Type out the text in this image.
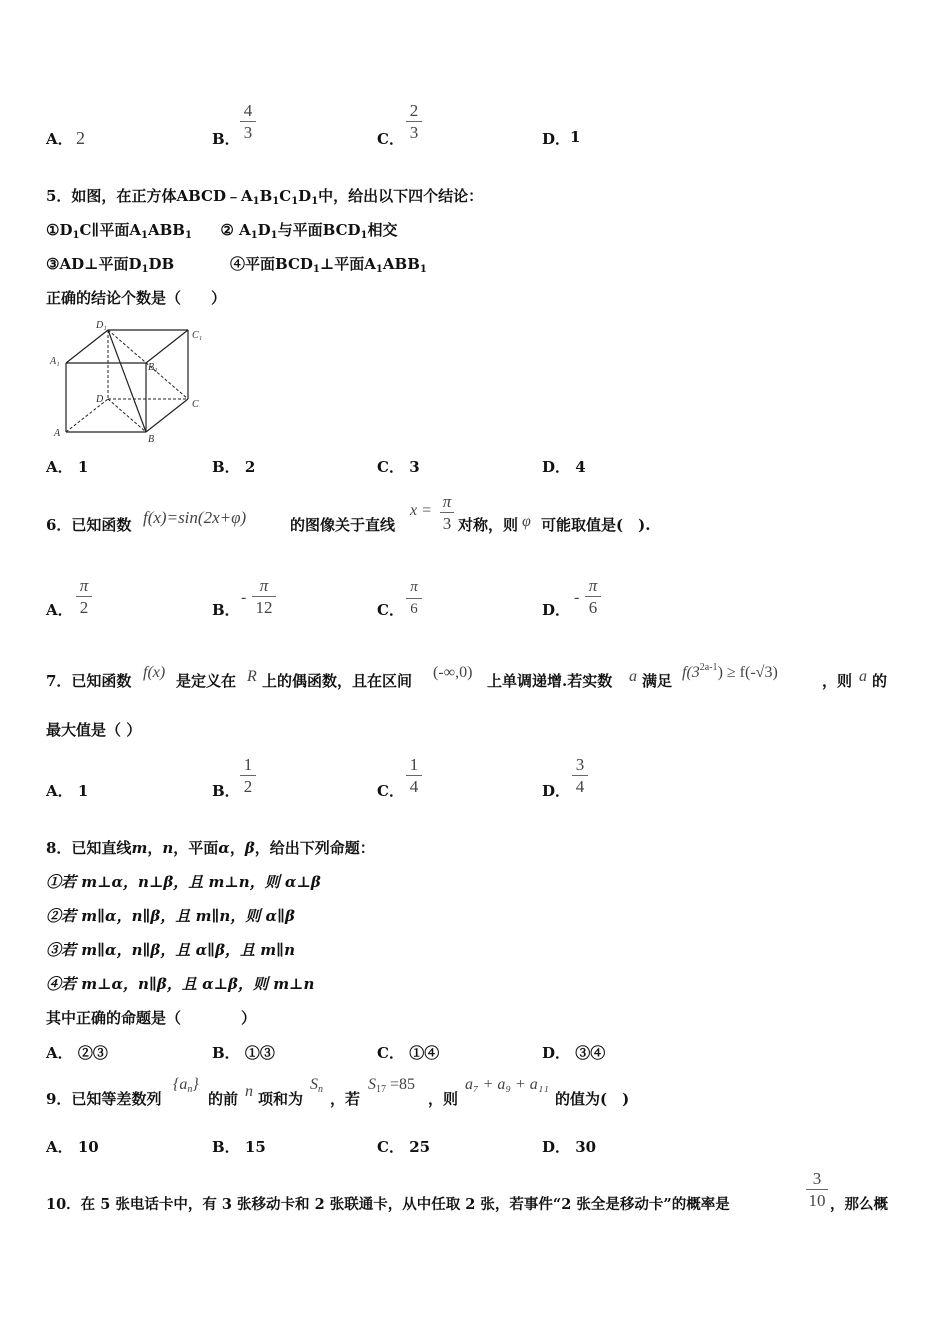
A． 2	B．
4
3	C．
2
3	D． 1
5．如图，在正方体$ABCD﹣A_1B_1C_1D_1$中，给出以下四个结论：
$①D_1C\parallel$平面$A_1ABB_1$ ② $A_1D_1$与平面$BCD_1$相交
③AD⊥平面$D_1DB$	④平面$BCD_1\perp$平面$A_1ABB_1$
正确的结论个数是（　　）
D₁
C₁
A₁
B₁
D	C
A
B
A． 1	B． 2	C． 3	D． 4
6．已知函数 f(x)=sin(2x+φ)	的图像关于直线
x = π
3 对称，则 φ 可能取值是(　).
A．
π
2	B．
-
π
12	C．
π
6	D．
-
π
6
7．已知函数 f(x) 是定义在 R 上的偶函数，且在区间 (-∞,0) 上单调递增.若实数 a 满足 $f(3^{2a-1}) \ge f(-√3)$	，则 a 的
最大值是（ ）
A． 1	B．
1
2	C．
1
4	D．
3
4
8．已知直线m，n，平面α，β，给出下列命题：
①若 m⊥α，n⊥β，且 m⊥n，则 α⊥β
②若 m∥α，n∥β，且 m∥n，则 α∥β
③若 m∥α，n∥β，且 α∥β，且 m∥n
④若 m⊥α，n∥β，且 α⊥β，则 m⊥n
其中正确的命题是（　　　　）
A． ②③	B． ①③	C． ①④	D． ③④
9．已知等差数列
$\{a_n\}$
的前 n 项和为
$S_n$
，若
$S_{17} =85$
，则
a₇ + a₉ + a₁₁
的值为(　)
A． 10	B． 15	C． 25	D． 30
10．在 5 张电话卡中，有 3 张移动卡和 2 张联通卡，从中任取 2 张，若事件“2 张全是移动卡”的概率是
3
10 ，那么概
